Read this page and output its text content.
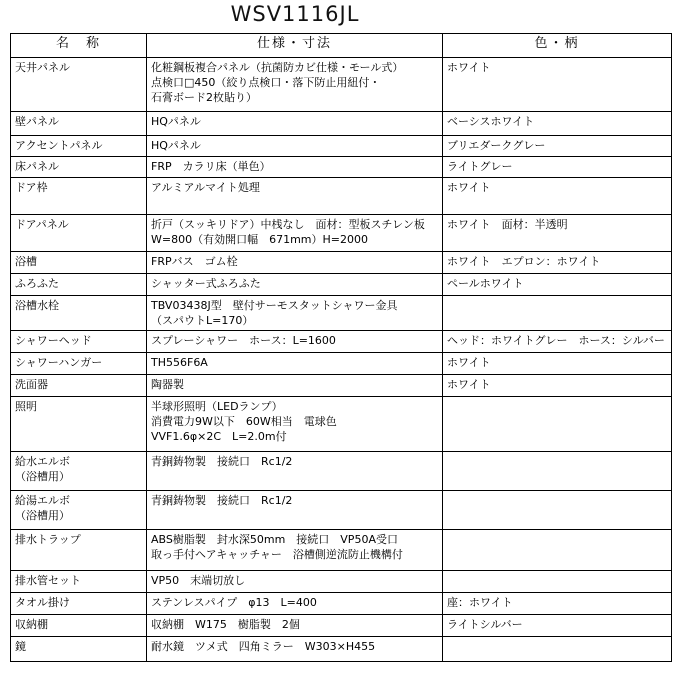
WSV1116JL
名　称	仕様・寸法	色・柄

天井パネル	化粧鋼板複合パネル（抗菌防カビ仕様・モール式）
点検口□450（絞り点検口・落下防止用紐付・
石膏ボード2枚貼り）	ホワイト

壁パネル	HQパネル	ベーシスホワイト

アクセントパネル	HQパネル	ブリエダークグレー

床パネル	FRP　カラリ床（単色）	ライトグレー

ドア枠	アルミアルマイト処理	ホワイト

ドアパネル	折戸（スッキリドア）中桟なし　面材：型板スチレン板
W=800（有効開口幅　671mm）H=2000	ホワイト　面材：半透明

浴槽	FRPバス　ゴム栓	ホワイト　エプロン：ホワイト

ふろふた	シャッター式ふろふた	ペールホワイト

浴槽水栓	TBV03438J型　壁付サーモスタットシャワー金具
（スパウトL=170）	

シャワーヘッド	スプレーシャワー　ホース：L=1600	ヘッド：ホワイトグレー　ホース：シルバー

シャワーハンガー	TH556F6A	ホワイト

洗面器	陶器製	ホワイト

照明	半球形照明（LEDランプ）
消費電力9W以下　60W相当　電球色
VVF1.6φ×2C　L=2.0m付	

給水エルボ
（浴槽用）	青銅鋳物製　接続口　Rc1/2	

給湯エルボ
（浴槽用）	青銅鋳物製　接続口　Rc1/2	

排水トラップ	ABS樹脂製　封水深50mm　接続口　VP50A受口
取っ手付ヘアキャッチャー　浴槽側逆流防止機構付	

排水管セット	VP50　末端切放し	

タオル掛け	ステンレスパイプ　φ13　L=400	座：ホワイト

収納棚	収納棚　W175　樹脂製　2個	ライトシルバー

鏡	耐水鏡　ツメ式　四角ミラー　W303×H455	
